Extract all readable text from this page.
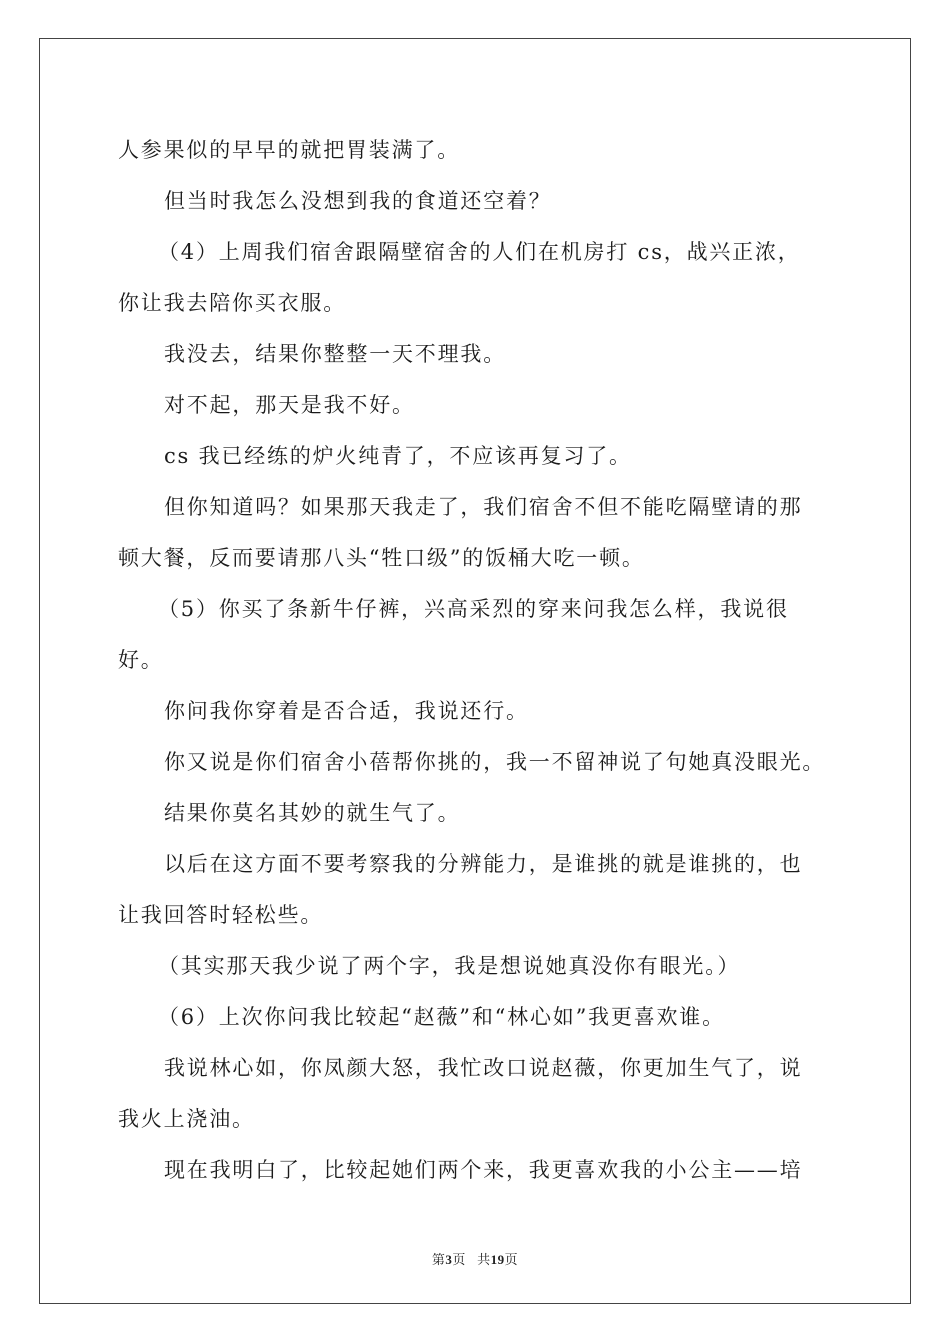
人参果似的早早的就把胃装满了。
但当时我怎么没想到我的食道还空着？
（4）上周我们宿舍跟隔壁宿舍的人们在机房打 cs，战兴正浓，
你让我去陪你买衣服。
我没去，结果你整整一天不理我。
对不起，那天是我不好。
cs 我已经练的炉火纯青了，不应该再复习了。
但你知道吗？如果那天我走了，我们宿舍不但不能吃隔壁请的那
顿大餐，反而要请那八头“牲口级”的饭桶大吃一顿。
（5）你买了条新牛仔裤，兴高采烈的穿来问我怎么样，我说很
好。
你问我你穿着是否合适，我说还行。
你又说是你们宿舍小蓓帮你挑的，我一不留神说了句她真没眼光。
结果你莫名其妙的就生气了。
以后在这方面不要考察我的分辨能力，是谁挑的就是谁挑的，也
让我回答时轻松些。
（其实那天我少说了两个字，我是想说她真没你有眼光。）
（6）上次你问我比较起“赵薇”和“林心如”我更喜欢谁。
我说林心如，你凤颜大怒，我忙改口说赵薇，你更加生气了，说
我火上浇油。
现在我明白了，比较起她们两个来，我更喜欢我的小公主——培
第3页 共19页
